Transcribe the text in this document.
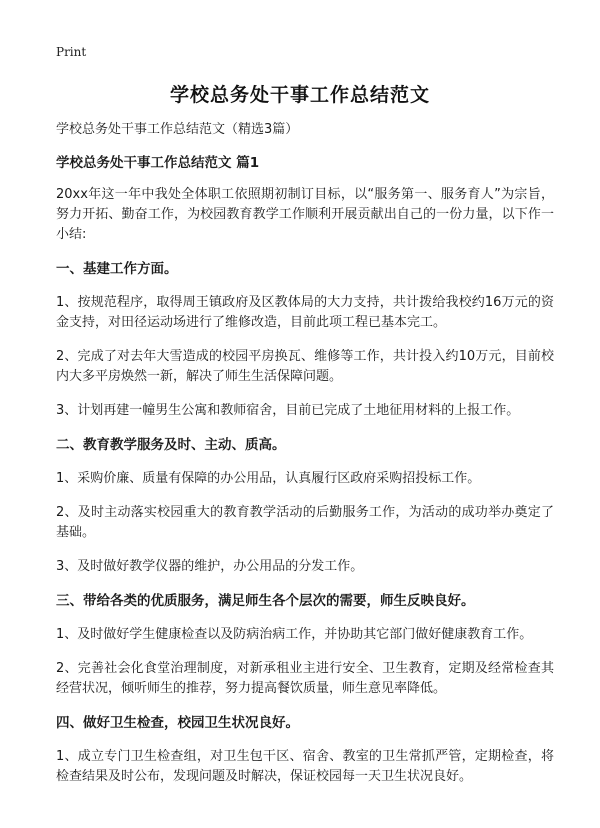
Print
学校总务处干事工作总结范文
学校总务处干事工作总结范文（精选3篇）
学校总务处干事工作总结范文 篇1
20xx年这一年中我处全体职工依照期初制订目标，以“服务第一、服务育人”为宗旨，努力开拓、勤奋工作，为校园教育教学工作顺利开展贡献出自己的一份力量，以下作一小结:
一、基建工作方面。
1、按规范程序，取得周王镇政府及区教体局的大力支持，共计拨给我校约16万元的资金支持，对田径运动场进行了维修改造，目前此项工程已基本完工。
2、完成了对去年大雪造成的校园平房换瓦、维修等工作，共计投入约10万元，目前校内大多平房焕然一新，解决了师生生活保障问题。
3、计划再建一幢男生公寓和教师宿舍，目前已完成了土地征用材料的上报工作。
二、教育教学服务及时、主动、质高。
1、采购价廉、质量有保障的办公用品，认真履行区政府采购招投标工作。
2、及时主动落实校园重大的教育教学活动的后勤服务工作，为活动的成功举办奠定了基础。
3、及时做好教学仪器的维护，办公用品的分发工作。
三、带给各类的优质服务，满足师生各个层次的需要，师生反映良好。
1、及时做好学生健康检查以及防病治病工作，并协助其它部门做好健康教育工作。
2、完善社会化食堂治理制度，对新承租业主进行安全、卫生教育，定期及经常检查其经营状况，倾听师生的推荐，努力提高餐饮质量，师生意见率降低。
四、做好卫生检查，校园卫生状况良好。
1、成立专门卫生检查组，对卫生包干区、宿舍、教室的卫生常抓严管，定期检查，将检查结果及时公布，发现问题及时解决，保证校园每一天卫生状况良好。
